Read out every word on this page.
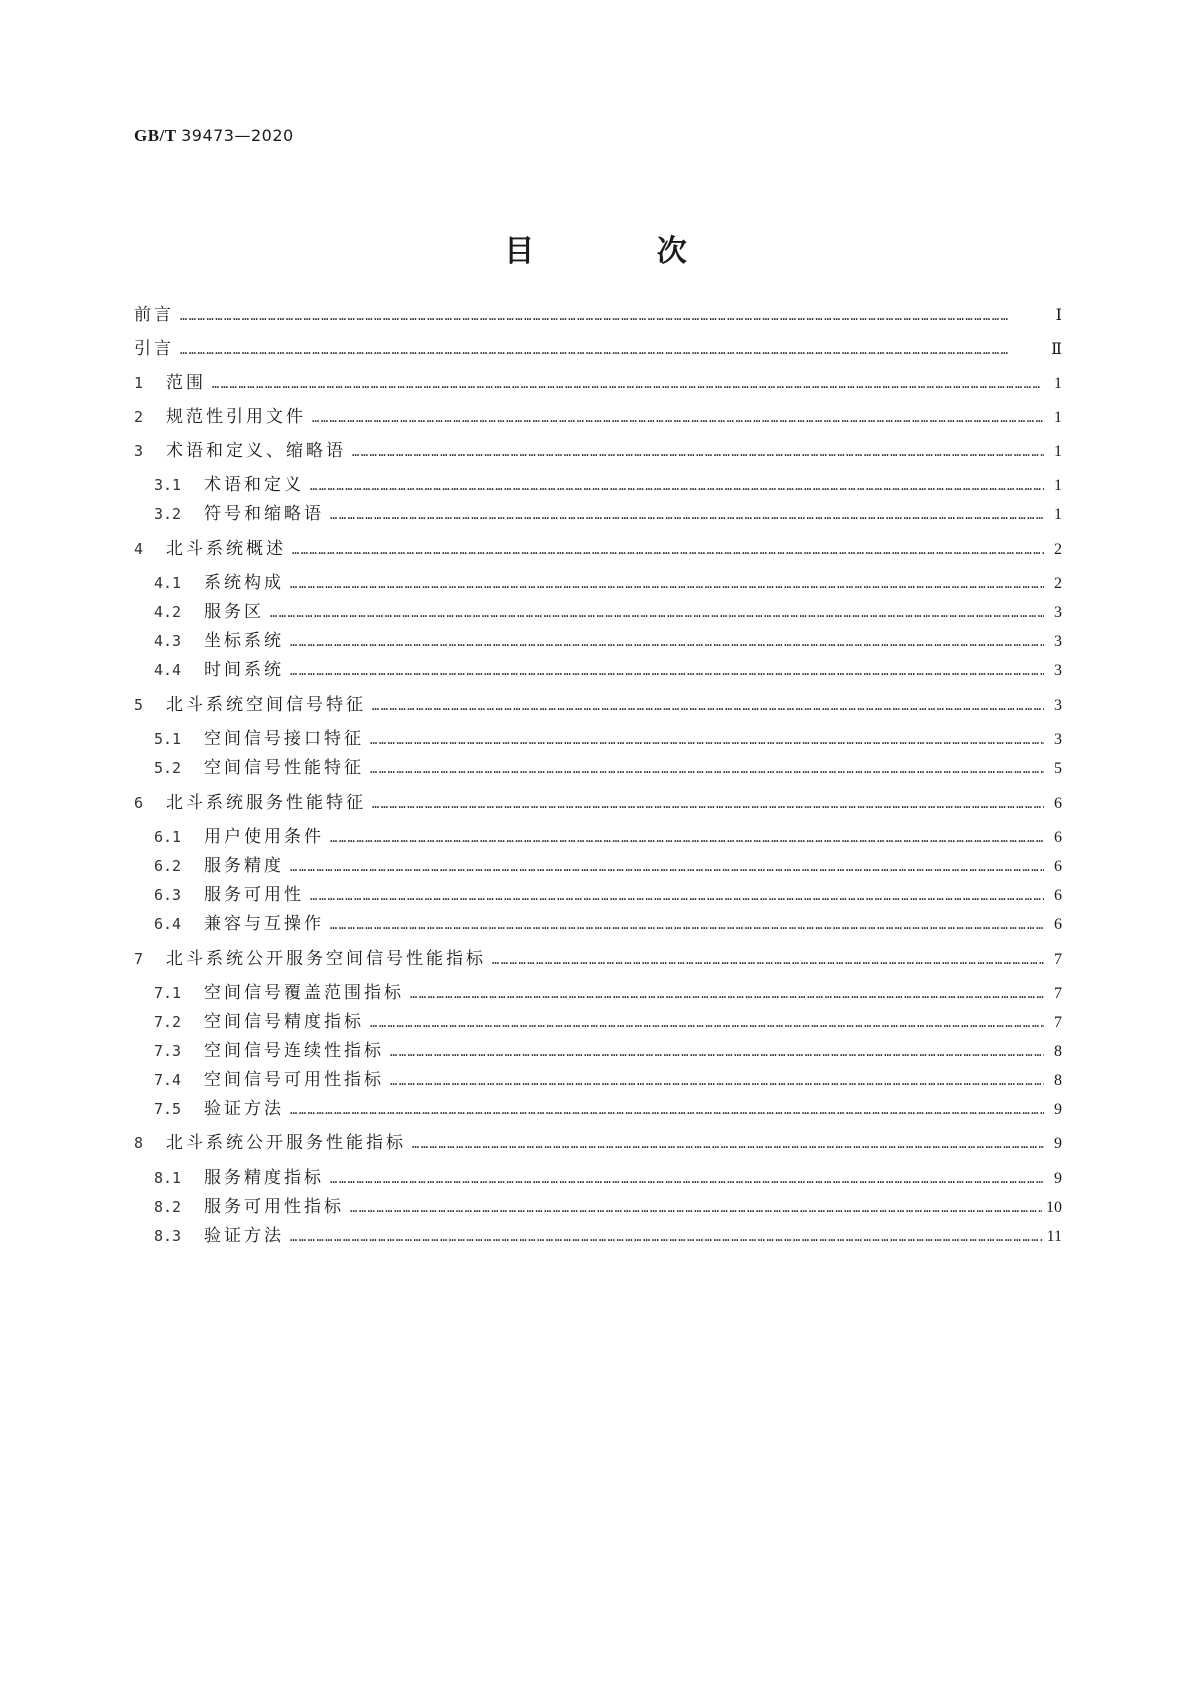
GB/T 39473—2020
目 次
前言 …………………………………………………………………………………………………………………………………………………………………………………………………………………………………………………………	Ⅰ
引言 …………………………………………………………………………………………………………………………………………………………………………………………………………………………………………………………	Ⅱ
1	范围 …………………………………………………………………………………………………………………………………………………………………………………………………………………………………………………………	1
2	规范性引用文件 …………………………………………………………………………………………………………………………………………………………………………………………………………………………………………………………	1
3	术语和定义、缩略语 …………………………………………………………………………………………………………………………………………………………………………………………………………………………………………………………	1
3.1	术语和定义 …………………………………………………………………………………………………………………………………………………………………………………………………………………………………………………………	1
3.2	符号和缩略语 …………………………………………………………………………………………………………………………………………………………………………………………………………………………………………………………	1
4	北斗系统概述 …………………………………………………………………………………………………………………………………………………………………………………………………………………………………………………………	2
4.1	系统构成 …………………………………………………………………………………………………………………………………………………………………………………………………………………………………………………………	2
4.2	服务区 …………………………………………………………………………………………………………………………………………………………………………………………………………………………………………………………	3
4.3	坐标系统 …………………………………………………………………………………………………………………………………………………………………………………………………………………………………………………………	3
4.4	时间系统 …………………………………………………………………………………………………………………………………………………………………………………………………………………………………………………………	3
5	北斗系统空间信号特征 …………………………………………………………………………………………………………………………………………………………………………………………………………………………………………………………	3
5.1	空间信号接口特征 …………………………………………………………………………………………………………………………………………………………………………………………………………………………………………………………	3
5.2	空间信号性能特征 …………………………………………………………………………………………………………………………………………………………………………………………………………………………………………………………	5
6	北斗系统服务性能特征 …………………………………………………………………………………………………………………………………………………………………………………………………………………………………………………………	6
6.1	用户使用条件 …………………………………………………………………………………………………………………………………………………………………………………………………………………………………………………………	6
6.2	服务精度 …………………………………………………………………………………………………………………………………………………………………………………………………………………………………………………………	6
6.3	服务可用性 …………………………………………………………………………………………………………………………………………………………………………………………………………………………………………………………	6
6.4	兼容与互操作 …………………………………………………………………………………………………………………………………………………………………………………………………………………………………………………………	6
7	北斗系统公开服务空间信号性能指标 …………………………………………………………………………………………………………………………………………………………………………………………………………………………………………………………	7
7.1	空间信号覆盖范围指标 …………………………………………………………………………………………………………………………………………………………………………………………………………………………………………………………	7
7.2	空间信号精度指标 …………………………………………………………………………………………………………………………………………………………………………………………………………………………………………………………	7
7.3	空间信号连续性指标 …………………………………………………………………………………………………………………………………………………………………………………………………………………………………………………………	8
7.4	空间信号可用性指标 …………………………………………………………………………………………………………………………………………………………………………………………………………………………………………………………	8
7.5	验证方法 …………………………………………………………………………………………………………………………………………………………………………………………………………………………………………………………	9
8	北斗系统公开服务性能指标 …………………………………………………………………………………………………………………………………………………………………………………………………………………………………………………………	9
8.1	服务精度指标 …………………………………………………………………………………………………………………………………………………………………………………………………………………………………………………………	9
8.2	服务可用性指标 …………………………………………………………………………………………………………………………………………………………………………………………………………………………………………………………	10
8.3	验证方法 …………………………………………………………………………………………………………………………………………………………………………………………………………………………………………………………	11
